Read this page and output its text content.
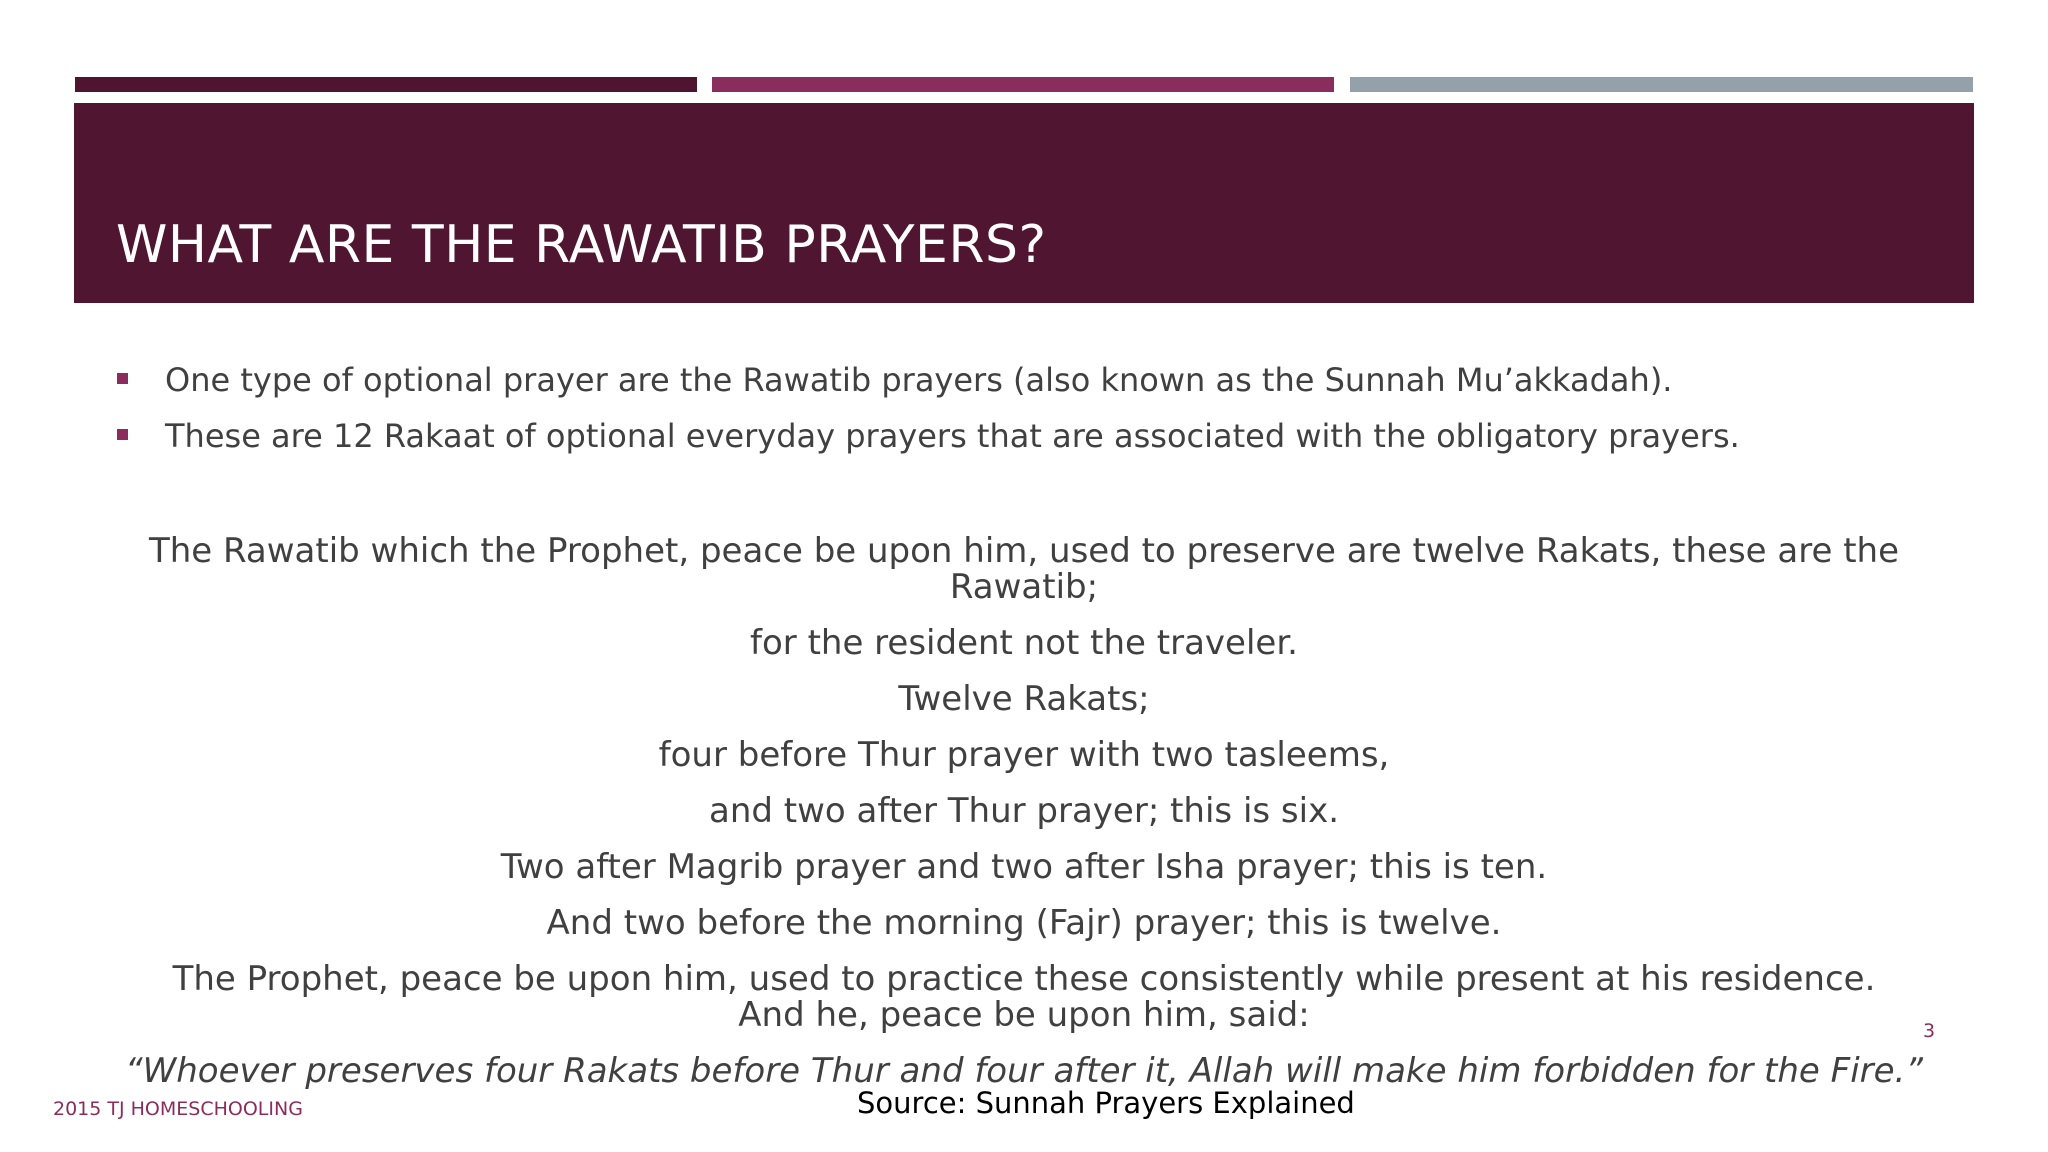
WHAT ARE THE RAWATIB PRAYERS?
One type of optional prayer are the Rawatib prayers (also known as the Sunnah Mu’akkadah).
These are 12 Rakaat of optional everyday prayers that are associated with the obligatory prayers.
The Rawatib which the Prophet, peace be upon him, used to preserve are twelve Rakats, these are the
Rawatib;
for the resident not the traveler.
Twelve Rakats;
four before Thur prayer with two tasleems,
and two after Thur prayer; this is six.
Two after Magrib prayer and two after Isha prayer; this is ten.
And two before the morning (Fajr) prayer; this is twelve.
The Prophet, peace be upon him, used to practice these consistently while present at his residence.
And he, peace be upon him, said:
“Whoever preserves four Rakats before Thur and four after it, Allah will make him forbidden for the Fire.”
3
2015 TJ HOMESCHOOLING	Source: Sunnah Prayers Explained
